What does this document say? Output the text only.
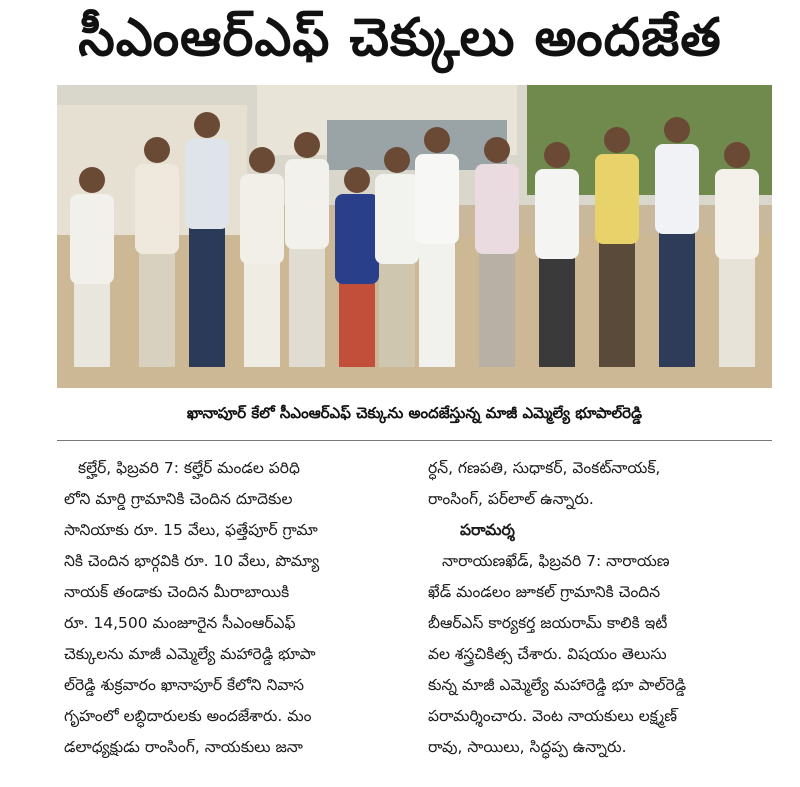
సీఎంఆర్‌ఎఫ్ చెక్కులు అందజేత
ఖానాపూర్ కేలో సీఎంఆర్‌ఎఫ్ చెక్కును అందజేస్తున్న మాజీ ఎమ్మెల్యే భూపాల్‌రెడ్డి
కల్హేర్, ఫిబ్రవరి 7: కల్హేర్ మండల పరిధి
లోని మార్డి గ్రామానికి చెందిన దూదెకుల
సానియాకు రూ. 15 వేలు, ఫత్తేపూర్ గ్రామా
నికి చెందిన భార్గవికి రూ. 10 వేలు, పొమ్యా
నాయక్ తండాకు చెందిన మీరాబాయికి
రూ. 14,500 మంజూరైన సీఎంఆర్‌ఎఫ్
చెక్కులను మాజీ ఎమ్మెల్యే మహారెడ్డి భూపా
ల్‌రెడ్డి శుక్రవారం ఖానాపూర్ కేలోని నివాస
గృహంలో లబ్ధిదారులకు అందజేశారు. మం
డలాధ్యక్షుడు రాంసింగ్, నాయకులు జనా
ర్ధన్, గణపతి, సుధాకర్, వెంకట్‌నాయక్,
రాంసింగ్, పర్‌లాల్ ఉన్నారు.
పరామర్శ
నారాయణఖేడ్, ఫిబ్రవరి 7: నారాయణ
ఖేడ్ మండలం జూకల్ గ్రామానికి చెందిన
బీఆర్‌ఎస్ కార్యకర్త జయరామ్ కాలికి ఇటీ
వల శస్త్రచికిత్స చేశారు. విషయం తెలుసు
కున్న మాజీ ఎమ్మెల్యే మహారెడ్డి భూ పాల్‌రెడ్డి
పరామర్శించారు. వెంట నాయకులు లక్ష్మణ్
రావు, సాయిలు, సిద్ధప్ప ఉన్నారు.
